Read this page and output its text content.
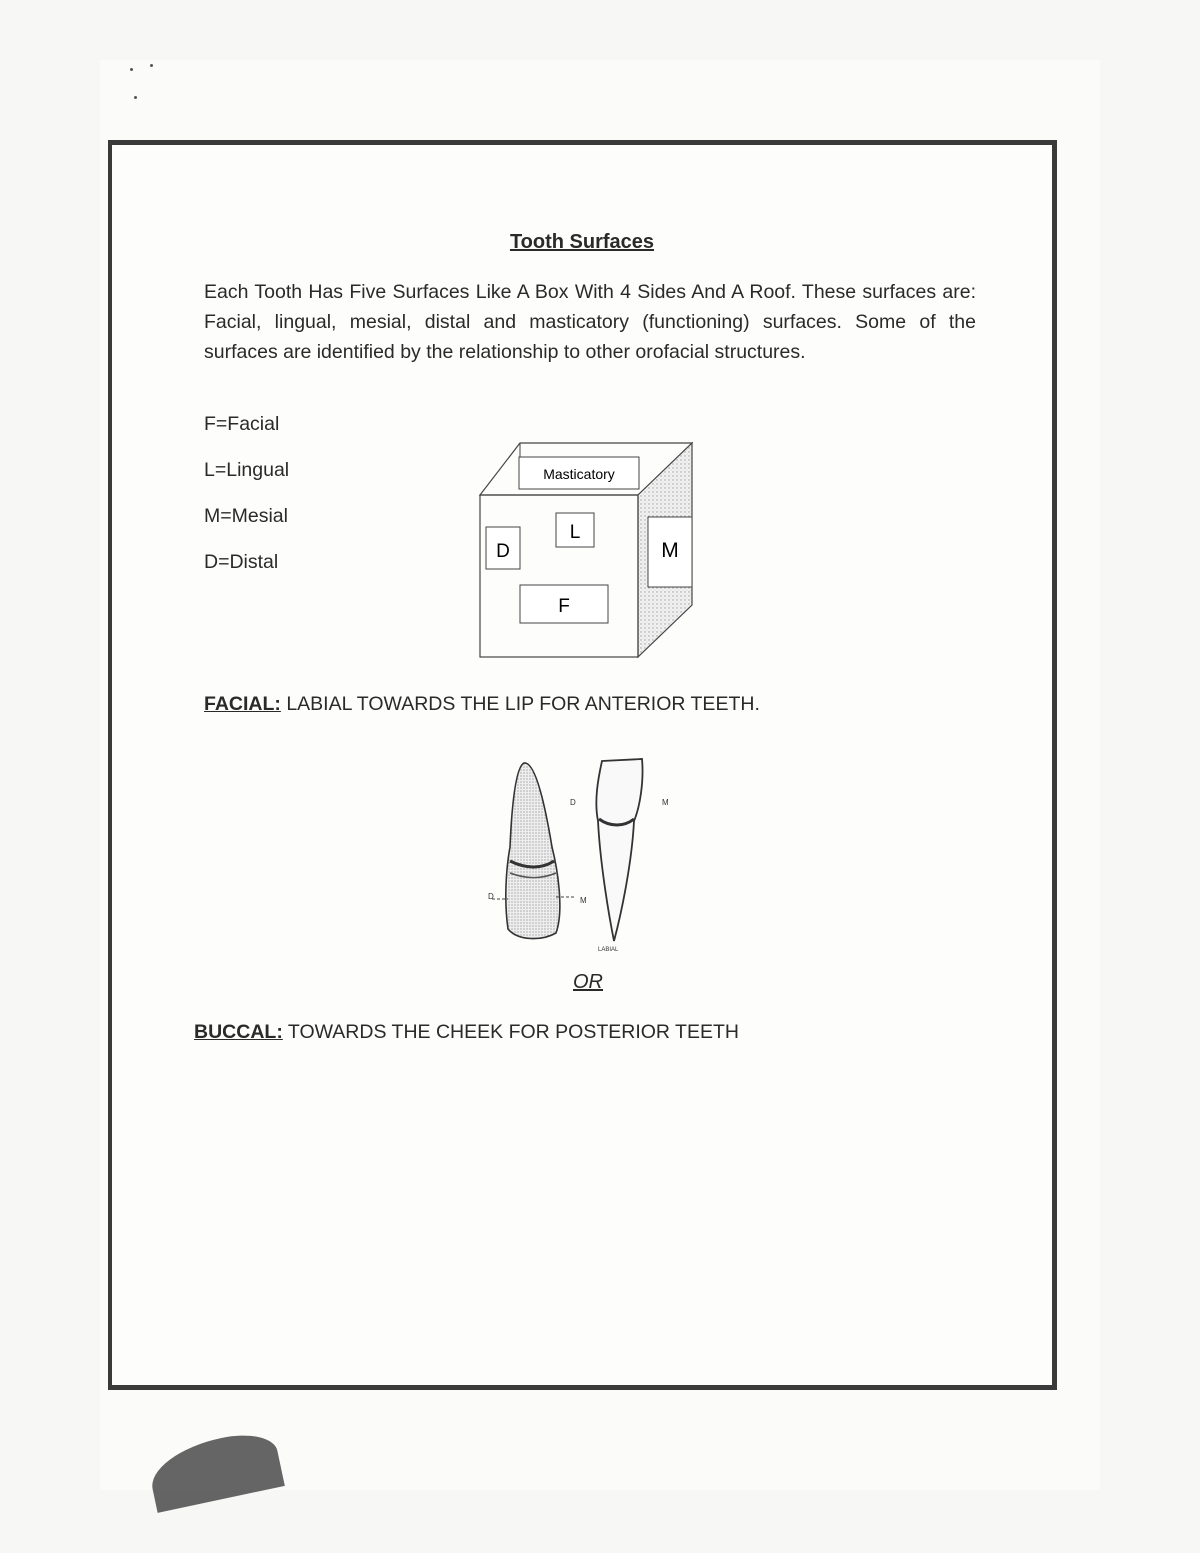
Tooth Surfaces
Each Tooth Has Five Surfaces Like A Box With 4 Sides And A Roof. These surfaces are: Facial, lingual, mesial, distal and masticatory (functioning) surfaces. Some of the surfaces are identified by the relationship to other orofacial structures.
F=Facial
L=Lingual
M=Mesial
D=Distal
Masticatory
D
L
M
F
FACIAL: LABIAL TOWARDS THE LIP FOR ANTERIOR TEETH.
D	M
D	M
LABIAL
OR
BUCCAL: TOWARDS THE CHEEK FOR POSTERIOR TEETH
